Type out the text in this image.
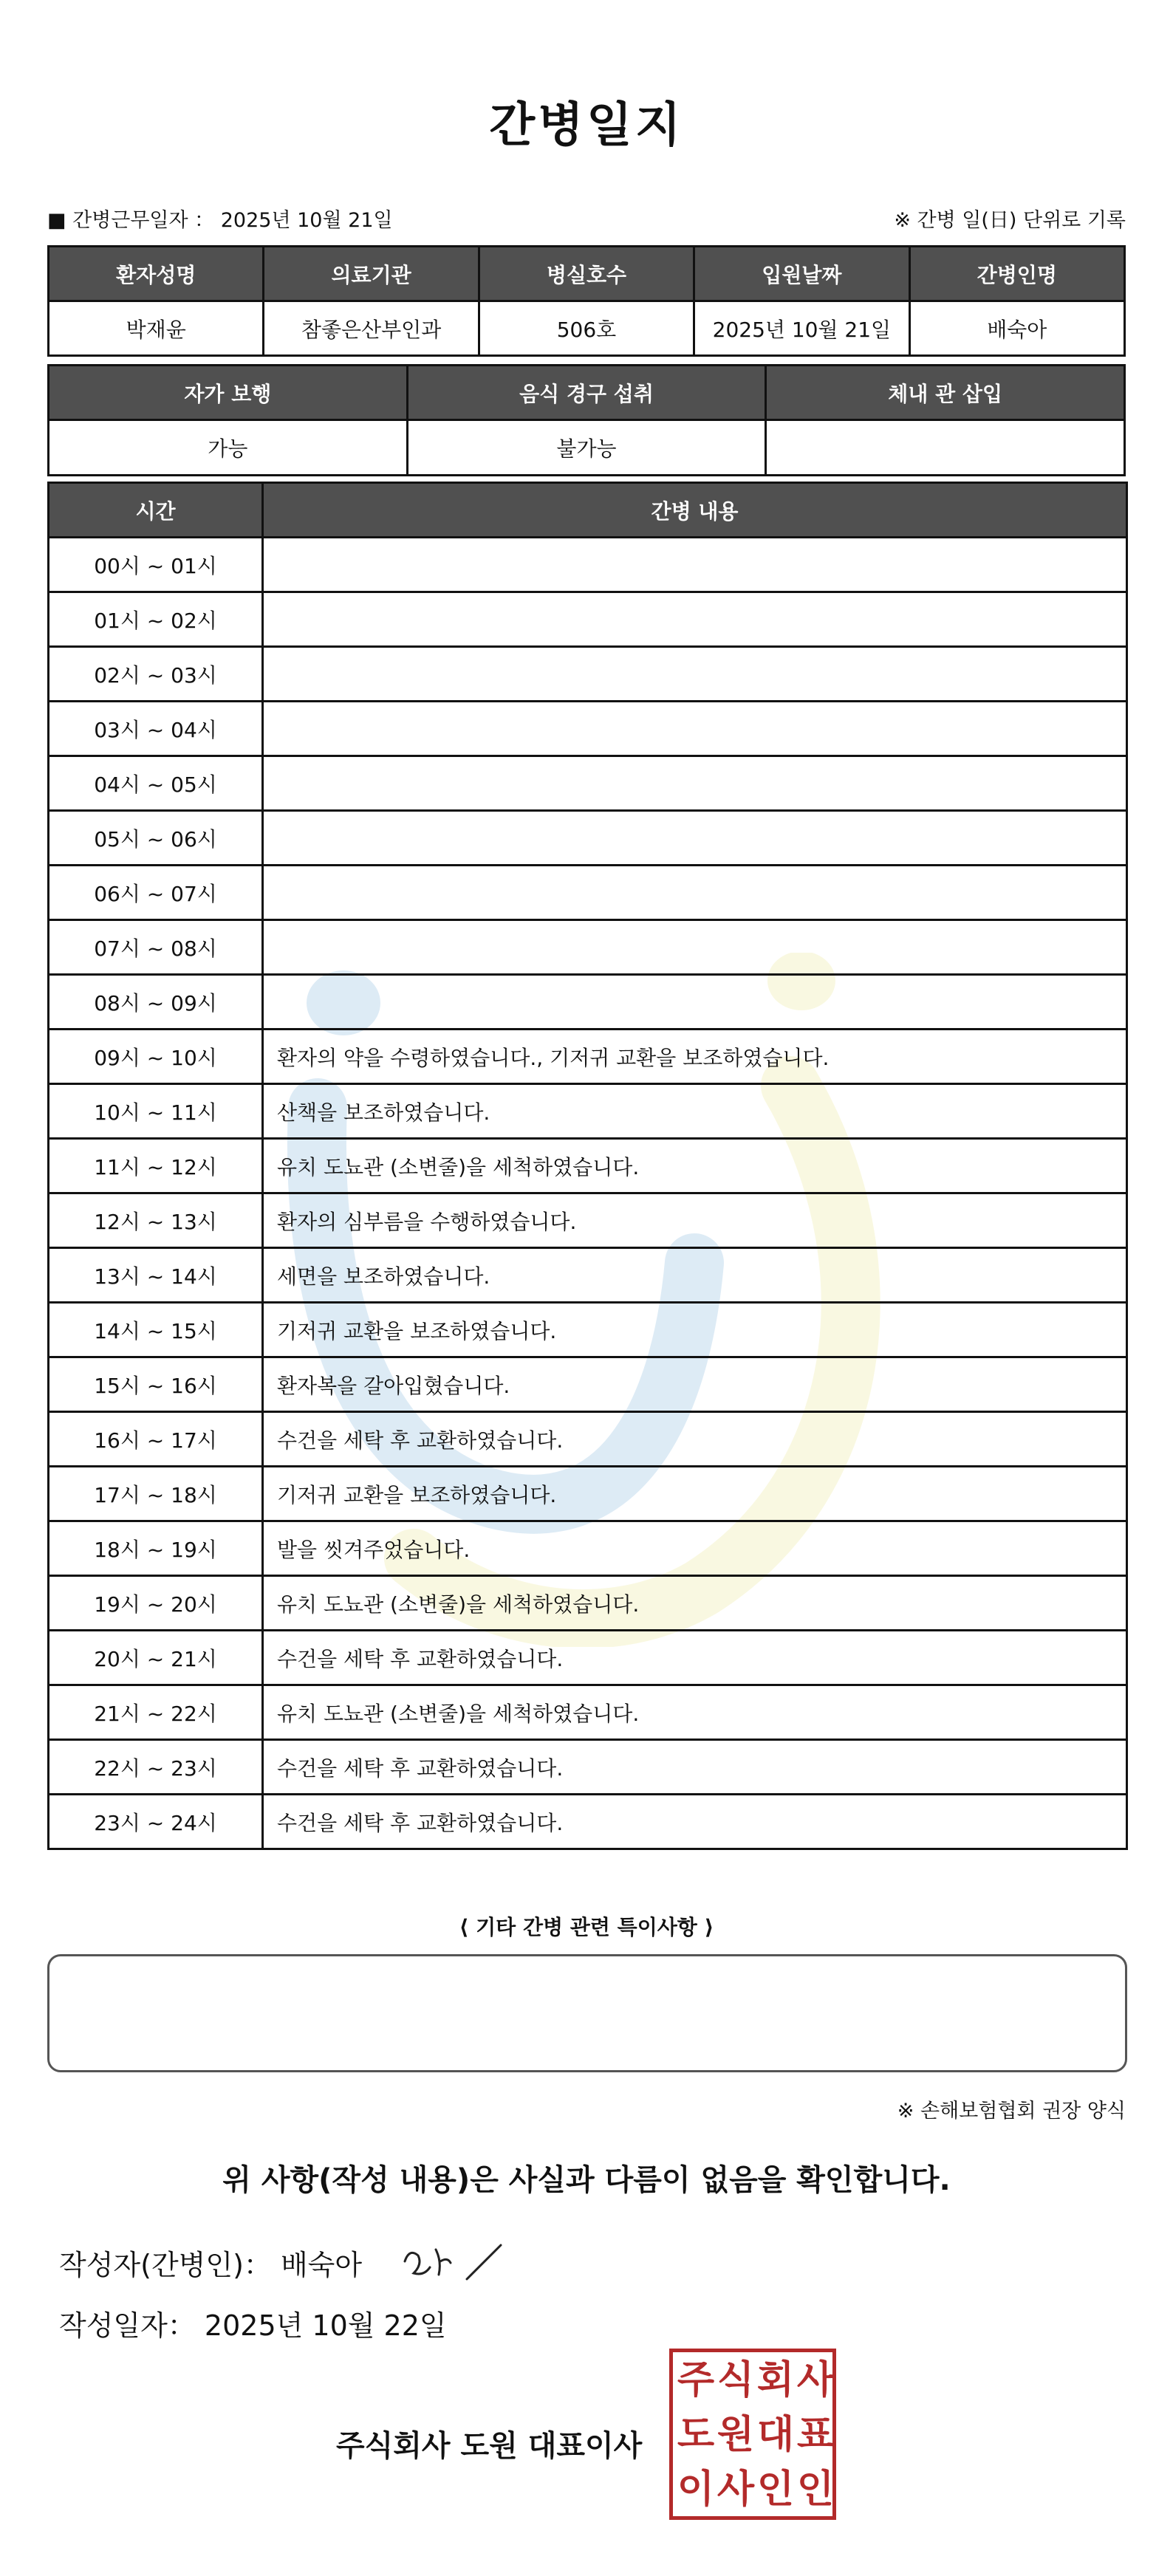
간병일지
■ 간병근무일자 ： 2025년 10월 21일	※ 간병 일(日) 단위로 기록
환자성명	의료기관	병실호수	입원날짜	간병인명
박재윤	참좋은산부인과	506호	2025년 10월 21일	배숙아
자가 보행	음식 경구 섭취	체내 관 삽입
가능	불가능	
시간	간병 내용
00시 ~ 01시	
01시 ~ 02시	
02시 ~ 03시	
03시 ~ 04시	
04시 ~ 05시	
05시 ~ 06시	
06시 ~ 07시	
07시 ~ 08시	
08시 ~ 09시	
09시 ~ 10시	환자의 약을 수령하였습니다., 기저귀 교환을 보조하였습니다.
10시 ~ 11시	산책을 보조하였습니다.
11시 ~ 12시	유치 도뇨관 (소변줄)을 세척하였습니다.
12시 ~ 13시	환자의 심부름을 수행하였습니다.
13시 ~ 14시	세면을 보조하였습니다.
14시 ~ 15시	기저귀 교환을 보조하였습니다.
15시 ~ 16시	환자복을 갈아입혔습니다.
16시 ~ 17시	수건을 세탁 후 교환하였습니다.
17시 ~ 18시	기저귀 교환을 보조하였습니다.
18시 ~ 19시	발을 씻겨주었습니다.
19시 ~ 20시	유치 도뇨관 (소변줄)을 세척하였습니다.
20시 ~ 21시	수건을 세탁 후 교환하였습니다.
21시 ~ 22시	유치 도뇨관 (소변줄)을 세척하였습니다.
22시 ~ 23시	수건을 세탁 후 교환하였습니다.
23시 ~ 24시	수건을 세탁 후 교환하였습니다.
⟨ 기타 간병 관련 특이사항 ⟩
※ 손해보험협회 권장 양식
위 사항(작성 내용)은 사실과 다름이 없음을 확인합니다.
작성자(간병인)： 배숙아
작성일자： 2025년 10월 22일
주식회사 도원 대표이사
주 식 회 사
도 원 대 표
이 사 인 인
